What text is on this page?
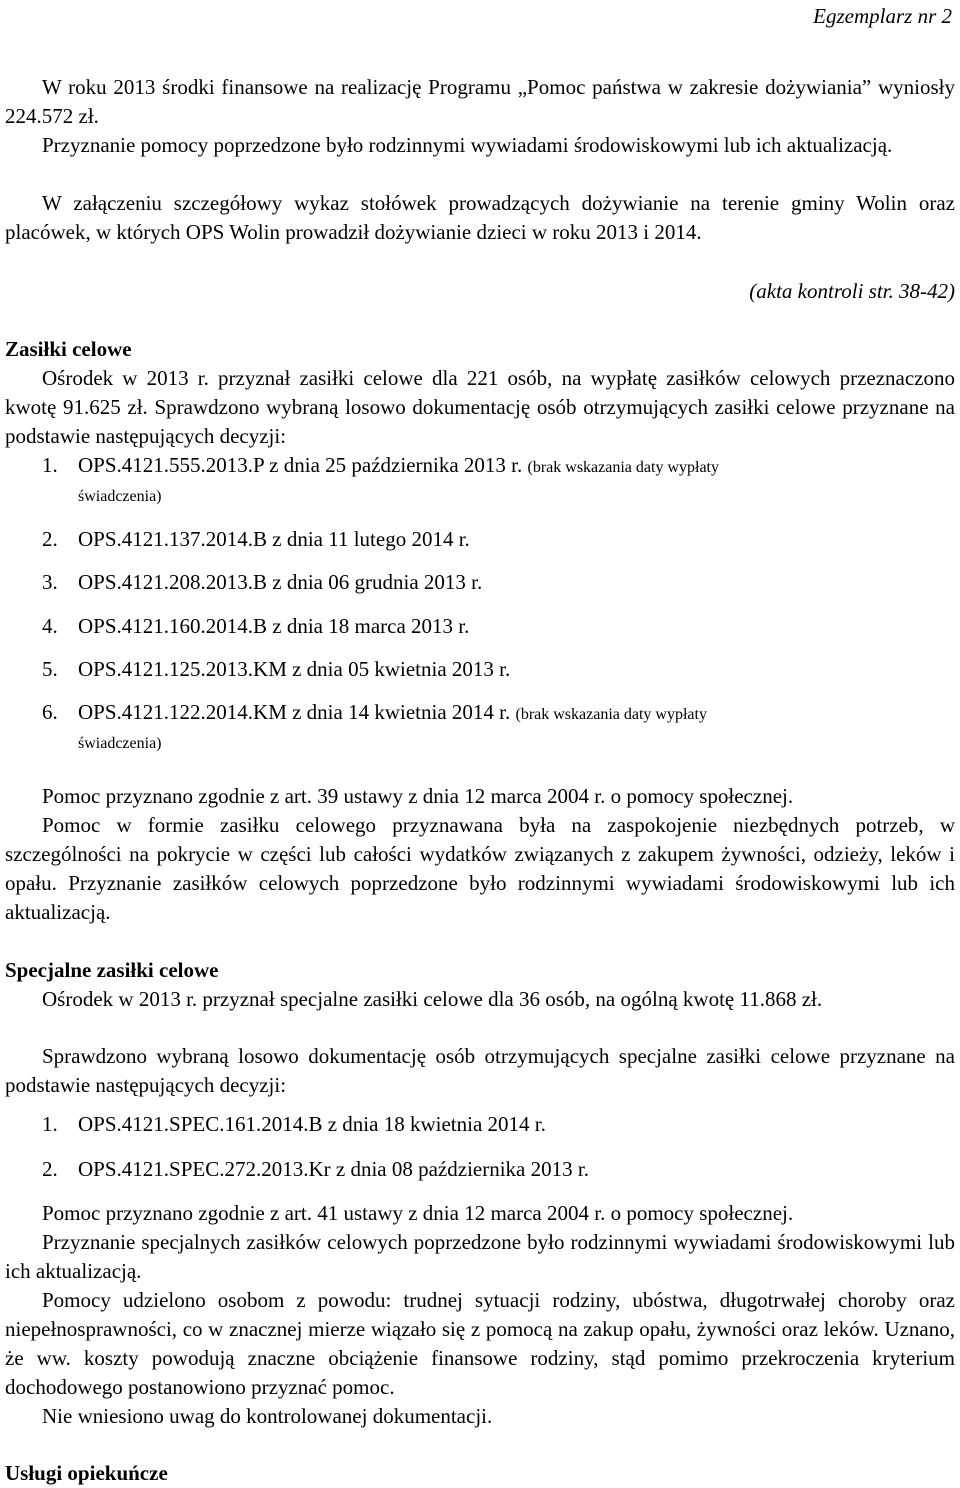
Egzemplarz nr 2
W roku 2013 środki finansowe na realizację Programu „Pomoc państwa w zakresie dożywiania” wyniosły 224.572 zł.
Przyznanie pomocy poprzedzone było rodzinnymi wywiadami środowiskowymi lub ich aktualizacją.
W załączeniu szczegółowy wykaz stołówek prowadzących dożywianie na terenie gminy Wolin oraz placówek, w których OPS Wolin prowadził dożywianie dzieci w roku 2013 i 2014.
(akta kontroli str. 38-42)
Zasiłki celowe
Ośrodek w 2013 r. przyznał zasiłki celowe dla 221 osób, na wypłatę zasiłków celowych przeznaczono kwotę 91.625 zł. Sprawdzono wybraną losowo dokumentację osób otrzymujących zasiłki celowe przyznane na podstawie następujących decyzji:
1. OPS.4121.555.2013.P z dnia 25 października 2013 r. (brak wskazania daty wypłaty
świadczenia)
2. OPS.4121.137.2014.B z dnia 11 lutego 2014 r.
3. OPS.4121.208.2013.B z dnia 06 grudnia 2013 r.
4. OPS.4121.160.2014.B z dnia 18 marca 2013 r.
5. OPS.4121.125.2013.KM z dnia 05 kwietnia 2013 r.
6. OPS.4121.122.2014.KM z dnia 14 kwietnia 2014 r. (brak wskazania daty wypłaty
świadczenia)
Pomoc przyznano zgodnie z art. 39 ustawy z dnia 12 marca 2004 r. o pomocy społecznej.
Pomoc w formie zasiłku celowego przyznawana była na zaspokojenie niezbędnych potrzeb, w szczególności na pokrycie w części lub całości wydatków związanych z zakupem żywności, odzieży, leków i opału. Przyznanie zasiłków celowych poprzedzone było rodzinnymi wywiadami środowiskowymi lub ich aktualizacją.
Specjalne zasiłki celowe
Ośrodek w 2013 r. przyznał specjalne zasiłki celowe dla 36 osób, na ogólną kwotę 11.868 zł.
Sprawdzono wybraną losowo dokumentację osób otrzymujących specjalne zasiłki celowe przyznane na podstawie następujących decyzji:
1. OPS.4121.SPEC.161.2014.B z dnia 18 kwietnia 2014 r.
2. OPS.4121.SPEC.272.2013.Kr z dnia 08 października 2013 r.
Pomoc przyznano zgodnie z art. 41 ustawy z dnia 12 marca 2004 r. o pomocy społecznej.
Przyznanie specjalnych zasiłków celowych poprzedzone było rodzinnymi wywiadami środowiskowymi lub ich aktualizacją.
Pomocy udzielono osobom z powodu: trudnej sytuacji rodziny, ubóstwa, długotrwałej choroby oraz niepełnosprawności, co w znacznej mierze wiązało się z pomocą na zakup opału, żywności oraz leków. Uznano, że ww. koszty powodują znaczne obciążenie finansowe rodziny, stąd pomimo przekroczenia kryterium dochodowego postanowiono przyznać pomoc.
Nie wniesiono uwag do kontrolowanej dokumentacji.
Usługi opiekuńcze
